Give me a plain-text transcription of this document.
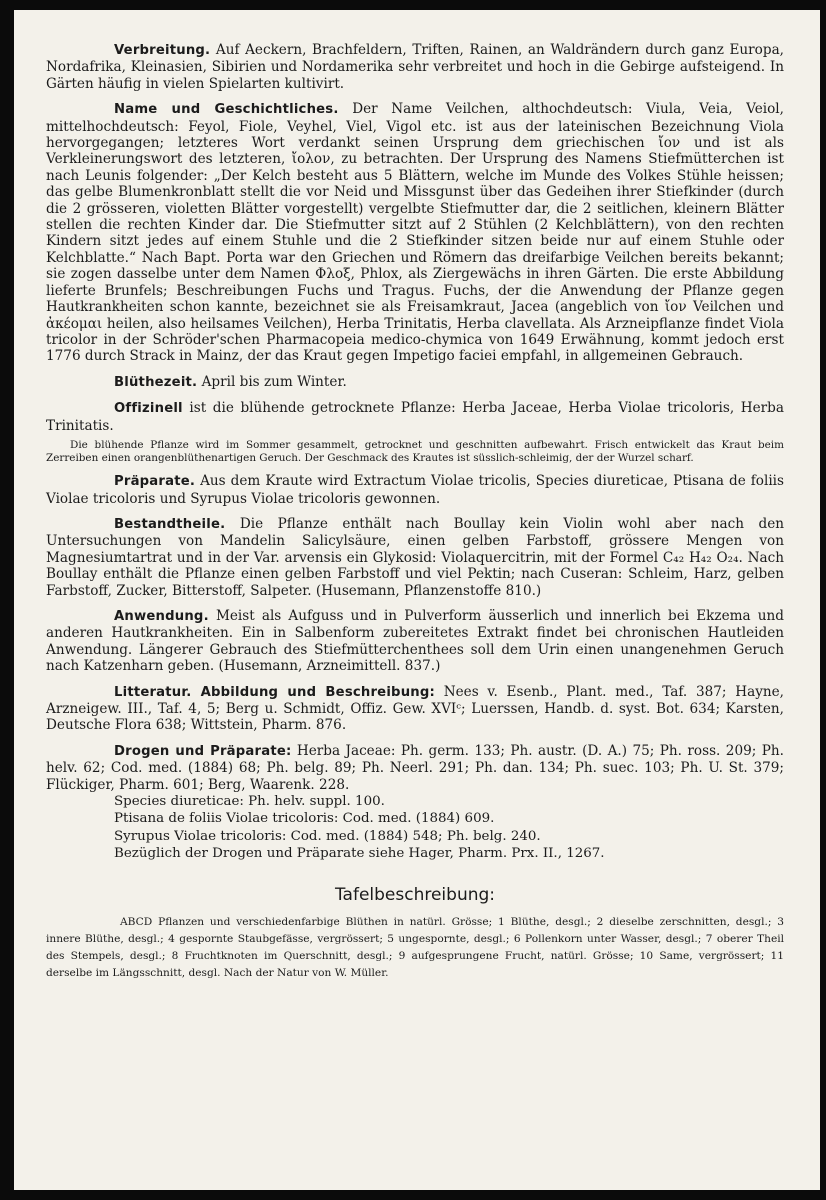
Verbreitung. Auf Aeckern, Brachfeldern, Triften, Rainen, an Waldrändern durch ganz Europa, Nordafrika, Kleinasien, Sibirien und Nordamerika sehr verbreitet und hoch in die Gebirge aufsteigend. In Gärten häufig in vielen Spielarten kultivirt.

Name und Geschichtliches. Der Name Veilchen, althochdeutsch: Viula, Veia, Veiol, mittelhochdeutsch: Feyol, Fiole, Veyhel, Viel, Vigol etc. ist aus der lateinischen Bezeichnung Viola hervorgegangen; letzteres Wort verdankt seinen Ursprung dem griechischen ἴον und ist als Verkleinerungswort des letzteren, ἴολον, zu betrachten. Der Ursprung des Namens Stiefmütterchen ist nach Leunis folgender: „Der Kelch besteht aus 5 Blättern, welche im Munde des Volkes Stühle heissen; das gelbe Blumenkronblatt stellt die vor Neid und Missgunst über das Gedeihen ihrer Stiefkinder (durch die 2 grösseren, violetten Blätter vorgestellt) vergelbte Stiefmutter dar, die 2 seitlichen, kleinern Blätter stellen die rechten Kinder dar. Die Stiefmutter sitzt auf 2 Stühlen (2 Kelchblättern), von den rechten Kindern sitzt jedes auf einem Stuhle und die 2 Stiefkinder sitzen beide nur auf einem Stuhle oder Kelchblatte.“ Nach Bapt. Porta war den Griechen und Römern das dreifarbige Veilchen bereits bekannt; sie zogen dasselbe unter dem Namen Φλοξ, Phlox, als Ziergewächs in ihren Gärten. Die erste Abbildung lieferte Brunfels; Beschreibungen Fuchs und Tragus. Fuchs, der die Anwendung der Pflanze gegen Hautkrankheiten schon kannte, bezeichnet sie als Freisamkraut, Jacea (angeblich von ἴον Veilchen und ἀκέομαι heilen, also heilsames Veilchen), Herba Trinitatis, Herba clavellata. Als Arzneipflanze findet Viola tricolor in der Schröder'schen Pharmacopeia medico-chymica von 1649 Erwähnung, kommt jedoch erst 1776 durch Strack in Mainz, der das Kraut gegen Impetigo faciei empfahl, in allgemeinen Gebrauch.

Blüthezeit. April bis zum Winter.

Offizinell ist die blühende getrocknete Pflanze: Herba Jaceae, Herba Violae tricoloris, Herba Trinitatis.

Die blühende Pflanze wird im Sommer gesammelt, getrocknet und geschnitten aufbewahrt. Frisch entwickelt das Kraut beim Zerreiben einen orangenblüthenartigen Geruch. Der Geschmack des Krautes ist süsslich-schleimig, der der Wurzel scharf.

Präparate. Aus dem Kraute wird Extractum Violae tricolis, Species diureticae, Ptisana de foliis Violae tricoloris und Syrupus Violae tricoloris gewonnen.

Bestandtheile. Die Pflanze enthält nach Boullay kein Violin wohl aber nach den Untersuchungen von Mandelin Salicylsäure, einen gelben Farbstoff, grössere Mengen von Magnesiumtartrat und in der Var. arvensis ein Glykosid: Violaquercitrin, mit der Formel C₄₂ H₄₂ O₂₄. Nach Boullay enthält die Pflanze einen gelben Farbstoff und viel Pektin; nach Cuseran: Schleim, Harz, gelben Farbstoff, Zucker, Bitterstoff, Salpeter. (Husemann, Pflanzenstoffe 810.)

Anwendung. Meist als Aufguss und in Pulverform äusserlich und innerlich bei Ekzema und anderen Hautkrankheiten. Ein in Salbenform zubereitetes Extrakt findet bei chronischen Hautleiden Anwendung. Längerer Gebrauch des Stiefmütterchenthees soll dem Urin einen unangenehmen Geruch nach Katzenharn geben. (Husemann, Arzneimittell. 837.)

Litteratur. Abbildung und Beschreibung: Nees v. Esenb., Plant. med., Taf. 387; Hayne, Arzneigew. III., Taf. 4, 5; Berg u. Schmidt, Offiz. Gew. XVIᶜ; Luerssen, Handb. d. syst. Bot. 634; Karsten, Deutsche Flora 638; Wittstein, Pharm. 876.

Drogen und Präparate: Herba Jaceae: Ph. germ. 133; Ph. austr. (D. A.) 75; Ph. ross. 209; Ph. helv. 62; Cod. med. (1884) 68; Ph. belg. 89; Ph. Neerl. 291; Ph. dan. 134; Ph. suec. 103; Ph. U. St. 379; Flückiger, Pharm. 601; Berg, Waarenk. 228.

Species diureticae: Ph. helv. suppl. 100.

Ptisana de foliis Violae tricoloris: Cod. med. (1884) 609.

Syrupus Violae tricoloris: Cod. med. (1884) 548; Ph. belg. 240.

Bezüglich der Drogen und Präparate siehe Hager, Pharm. Prx. II., 1267.

Tafelbeschreibung:

ABCD Pflanzen und verschiedenfarbige Blüthen in natürl. Grösse; 1 Blüthe, desgl.; 2 dieselbe zerschnitten, desgl.; 3 innere Blüthe, desgl.; 4 gespornte Staubgefässe, vergrössert; 5 ungespornte, desgl.; 6 Pollenkorn unter Wasser, desgl.; 7 oberer Theil des Stempels, desgl.; 8 Fruchtknoten im Querschnitt, desgl.; 9 aufgesprungene Frucht, natürl. Grösse; 10 Same, vergrössert; 11 derselbe im Längsschnitt, desgl. Nach der Natur von W. Müller.
